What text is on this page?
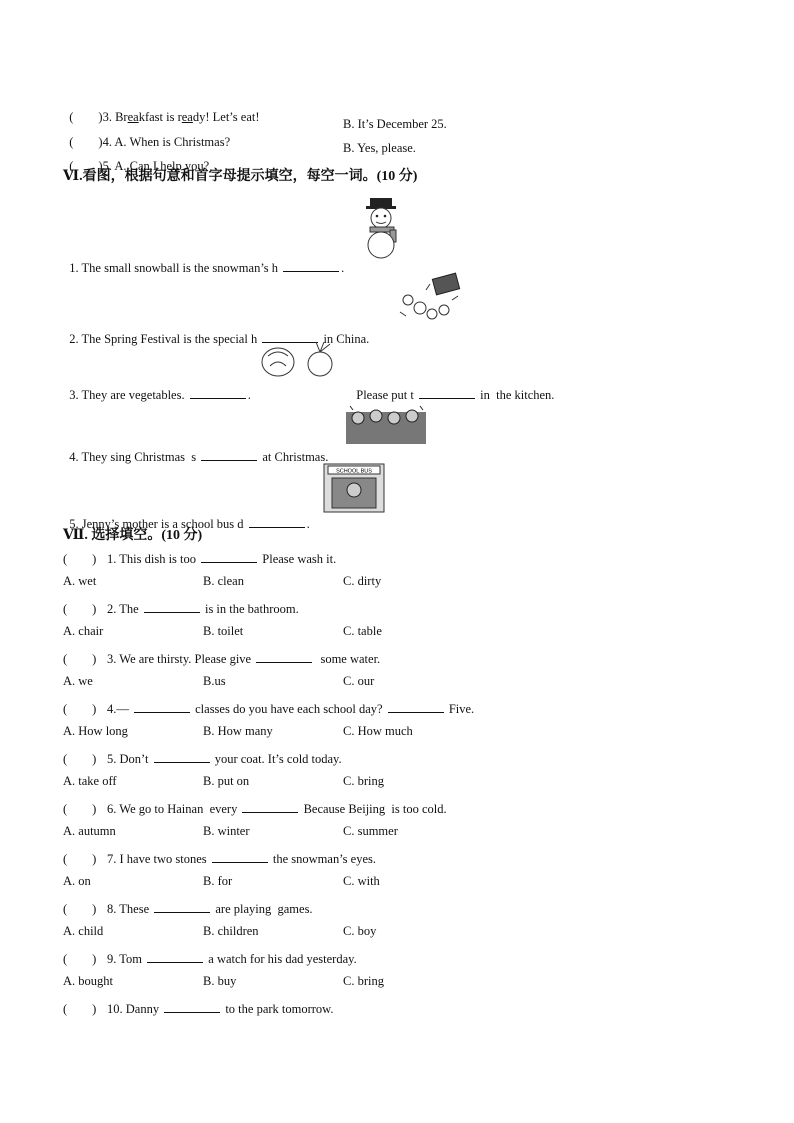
(　　)3. Breakfast is ready! Let’s eat!

(　　)4. A. When is Christmas?

B. It’s December 25.

(　　)5. A. Can I help you?

B. Yes, please.
Ⅵ.看图，根据句意和首字母提示填空，每空一词。(10 分)

1. The small snowball is the snowman’s h	.

2. The Spring Festival is the special h	in China.

3. They are vegetables.	.	Please put t	in  the kitchen.

4. They sing Christmas  s	at Christmas.

SCHOOL BUS

5. Jenny’s mother is a school bus d	.

Ⅶ. 选择填空。(10 分)
(　　) 1. This dish is too	Please wash it.
A. wet	B. clean	C. dirty
(　　) 2. The	is in the bathroom.
A. chair	B. toilet	C. table
(　　) 3. We are thirsty. Please give	some water.
A. we	B.us	C. our
(　　) 4.—	classes do you have each school day?	Five.
A. How long	B. How many	C. How much
(　　) 5. Don’t	your coat. It’s cold today.
A. take off	B. put on	C. bring
(　　) 6. We go to Hainan  every	Because Beijing  is too cold.
A. autumn	B. winter	C. summer
(　　) 7. I have two stones	the snowman’s eyes.
A. on	B. for	C. with
(　　) 8. These	are playing  games.
A. child	B. children	C. boy
(　　) 9. Tom	a watch for his dad yesterday.
A. bought	B. buy	C. bring
(　　) 10. Danny	to the park tomorrow.
